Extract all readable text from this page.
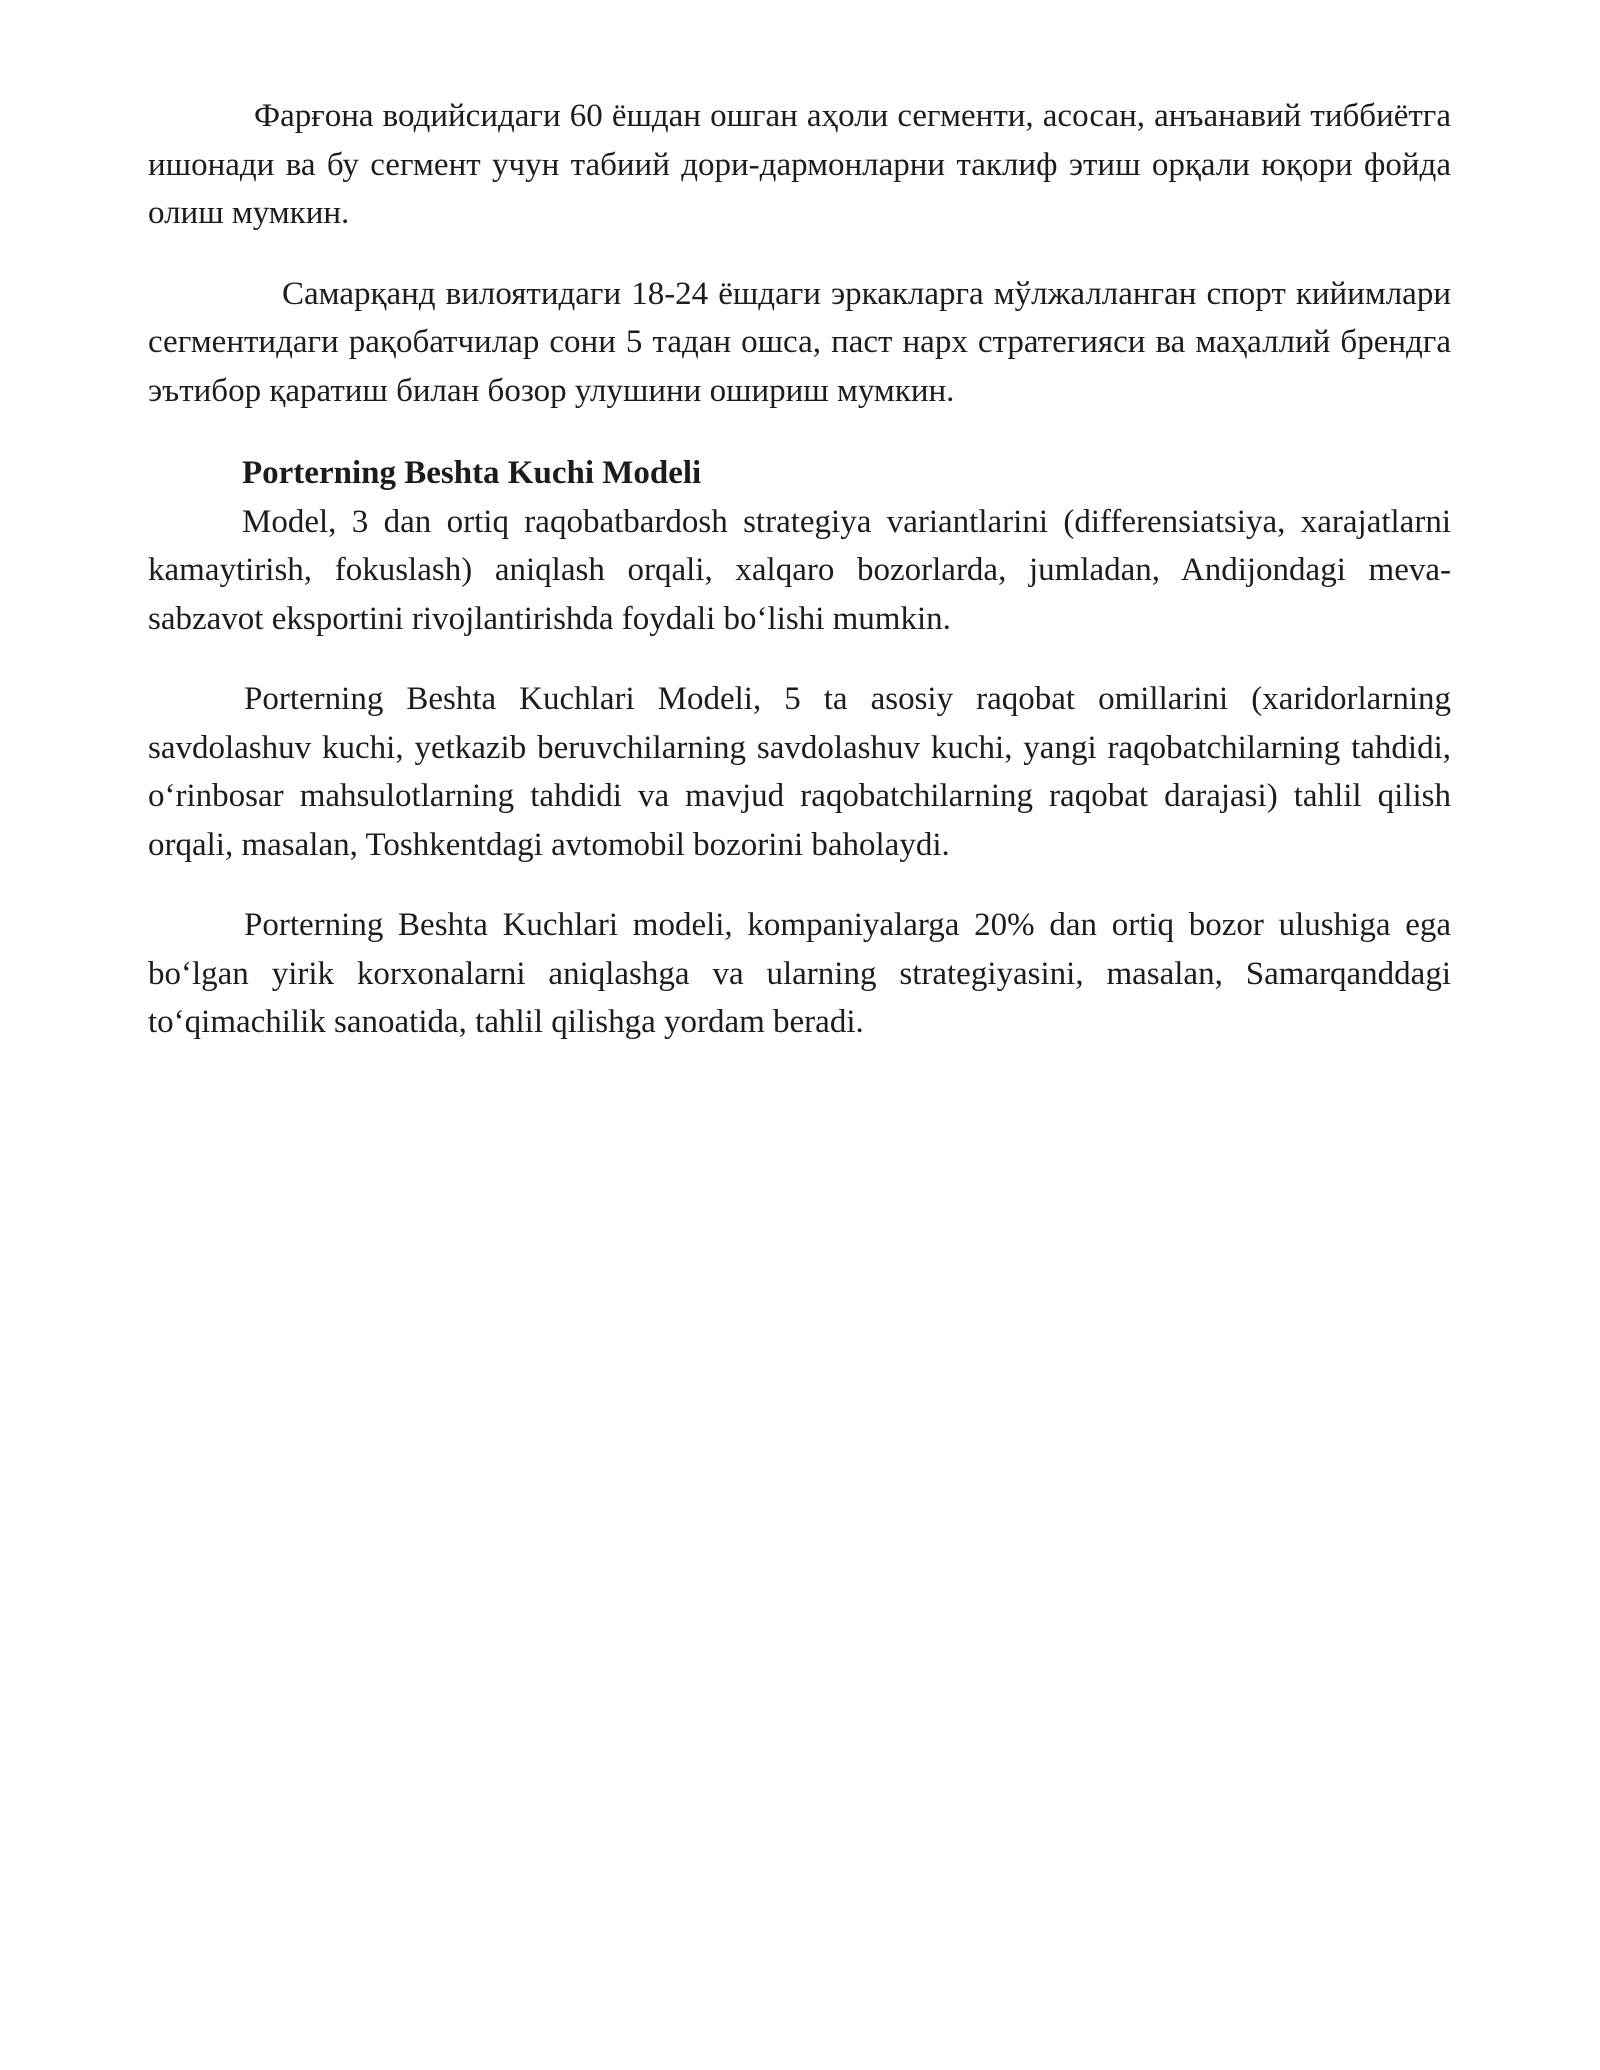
Фарғона водийсидаги 60 ёшдан ошган аҳоли сегменти, асосан, анъанавий тиббиётга ишонади ва бу сегмент учун табиий дори-дармонларни таклиф этиш орқали юқори фойда олиш мумкин.

Самарқанд вилоятидаги 18-24 ёшдаги эркакларга мўлжалланган спорт кийимлари сегментидаги рақобатчилар сони 5 тадан ошса, паст нарх стратегияси ва маҳаллий брендга эътибор қаратиш билан бозор улушини ошириш мумкин.

Porterning Beshta Kuchi Modeli

Model, 3 dan ortiq raqobatbardosh strategiya variantlarini (differensiatsiya, xarajatlarni kamaytirish, fokuslash) aniqlash orqali, xalqaro bozorlarda, jumladan, Andijondagi meva-sabzavot eksportini rivojlantirishda foydali boʻlishi mumkin.

Porterning Beshta Kuchlari Modeli, 5 ta asosiy raqobat omillarini (xaridorlarning savdolashuv kuchi, yetkazib beruvchilarning savdolashuv kuchi, yangi raqobatchilarning tahdidi, oʻrinbosar mahsulotlarning tahdidi va mavjud raqobatchilarning raqobat darajasi) tahlil qilish orqali, masalan, Toshkentdagi avtomobil bozorini baholaydi.

Porterning Beshta Kuchlari modeli, kompaniyalarga 20% dan ortiq bozor ulushiga ega boʻlgan yirik korxonalarni aniqlashga va ularning strategiyasini, masalan, Samarqanddagi toʻqimachilik sanoatida, tahlil qilishga yordam beradi.
